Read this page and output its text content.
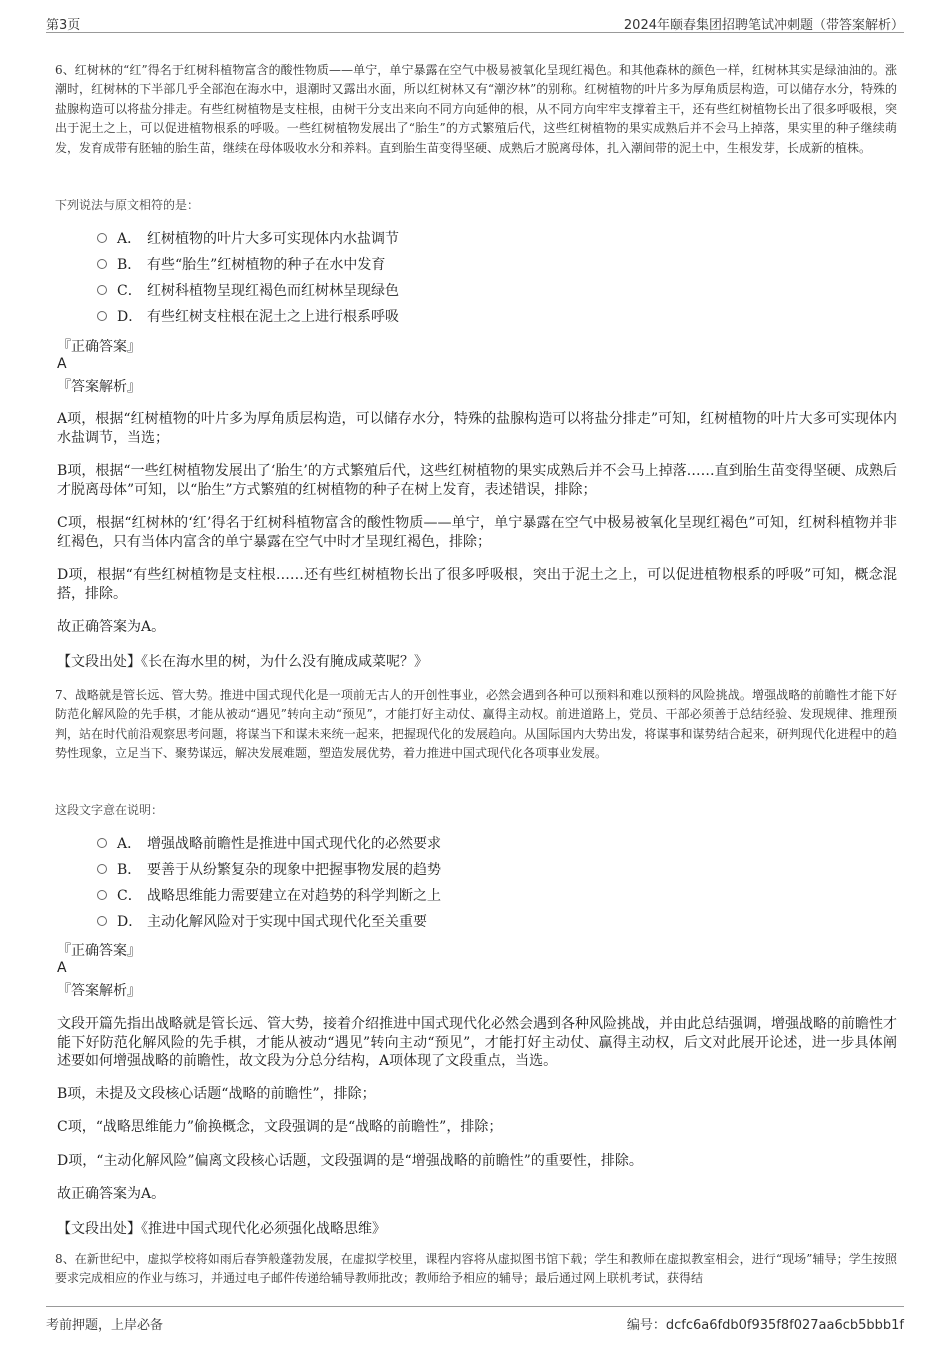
第3页	2024年颐春集团招聘笔试冲刺题（带答案解析）
6、红树林的“红”得名于红树科植物富含的酸性物质——单宁，单宁暴露在空气中极易被氧化呈现红褐色。和其他森林的颜色一样，红树林其实是绿油油的。涨潮时，红树林的下半部几乎全部泡在海水中，退潮时又露出水面，所以红树林又有“潮汐林”的别称。红树植物的叶片多为厚角质层构造，可以储存水分，特殊的盐腺构造可以将盐分排走。有些红树植物是支柱根，由树干分支出来向不同方向延伸的根，从不同方向牢牢支撑着主干，还有些红树植物长出了很多呼吸根，突出于泥土之上，可以促进植物根系的呼吸。一些红树植物发展出了“胎生”的方式繁殖后代，这些红树植物的果实成熟后并不会马上掉落，果实里的种子继续萌发，发育成带有胚轴的胎生苗，继续在母体吸收水分和养料。直到胎生苗变得坚硬、成熟后才脱离母体，扎入潮间带的泥土中，生根发芽，长成新的植株。
下列说法与原文相符的是：
A． 红树植物的叶片大多可实现体内水盐调节
B． 有些“胎生”红树植物的种子在水中发育
C． 红树科植物呈现红褐色而红树林呈现绿色
D． 有些红树支柱根在泥土之上进行根系呼吸
『正确答案』
A
『答案解析』
A项，根据“红树植物的叶片多为厚角质层构造，可以储存水分，特殊的盐腺构造可以将盐分排走”可知，红树植物的叶片大多可实现体内水盐调节，当选；
B项，根据“一些红树植物发展出了‘胎生’的方式繁殖后代，这些红树植物的果实成熟后并不会马上掉落……直到胎生苗变得坚硬、成熟后才脱离母体”可知，以“胎生”方式繁殖的红树植物的种子在树上发育，表述错误，排除；
C项，根据“红树林的‘红’得名于红树科植物富含的酸性物质——单宁，单宁暴露在空气中极易被氧化呈现红褐色”可知，红树科植物并非红褐色，只有当体内富含的单宁暴露在空气中时才呈现红褐色，排除；
D项，根据“有些红树植物是支柱根……还有些红树植物长出了很多呼吸根，突出于泥土之上，可以促进植物根系的呼吸”可知，概念混搭，排除。
故正确答案为A。
【文段出处】《长在海水里的树，为什么没有腌成咸菜呢？》
7、战略就是管长远、管大势。推进中国式现代化是一项前无古人的开创性事业，必然会遇到各种可以预料和难以预料的风险挑战。增强战略的前瞻性才能下好防范化解风险的先手棋，才能从被动“遇见”转向主动“预见”，才能打好主动仗、赢得主动权。前进道路上，党员、干部必须善于总结经验、发现规律、推理预判，站在时代前沿观察思考问题，将谋当下和谋未来统一起来，把握现代化的发展趋向。从国际国内大势出发，将谋事和谋势结合起来，研判现代化进程中的趋势性现象，立足当下、聚势谋远，解决发展难题，塑造发展优势，着力推进中国式现代化各项事业发展。
这段文字意在说明：
A． 增强战略前瞻性是推进中国式现代化的必然要求
B． 要善于从纷繁复杂的现象中把握事物发展的趋势
C． 战略思维能力需要建立在对趋势的科学判断之上
D． 主动化解风险对于实现中国式现代化至关重要
『正确答案』
A
『答案解析』
文段开篇先指出战略就是管长远、管大势，接着介绍推进中国式现代化必然会遇到各种风险挑战，并由此总结强调，增强战略的前瞻性才能下好防范化解风险的先手棋，才能从被动“遇见”转向主动“预见”，才能打好主动仗、赢得主动权，后文对此展开论述，进一步具体阐述要如何增强战略的前瞻性，故文段为分总分结构，A项体现了文段重点，当选。
B项，未提及文段核心话题“战略的前瞻性”，排除；
C项，“战略思维能力”偷换概念，文段强调的是“战略的前瞻性”，排除；
D项，“主动化解风险”偏离文段核心话题，文段强调的是“增强战略的前瞻性”的重要性，排除。
故正确答案为A。
【文段出处】《推进中国式现代化必须强化战略思维》
8、在新世纪中，虚拟学校将如雨后春笋般蓬勃发展，在虚拟学校里，课程内容将从虚拟图书馆下载；学生和教师在虚拟教室相会，进行“现场”辅导；学生按照要求完成相应的作业与练习，并通过电子邮件传递给辅导教师批改；教师给予相应的辅导；最后通过网上联机考试，获得结
考前押题，上岸必备	编号：dcfc6a6fdb0f935f8f027aa6cb5bbb1f
